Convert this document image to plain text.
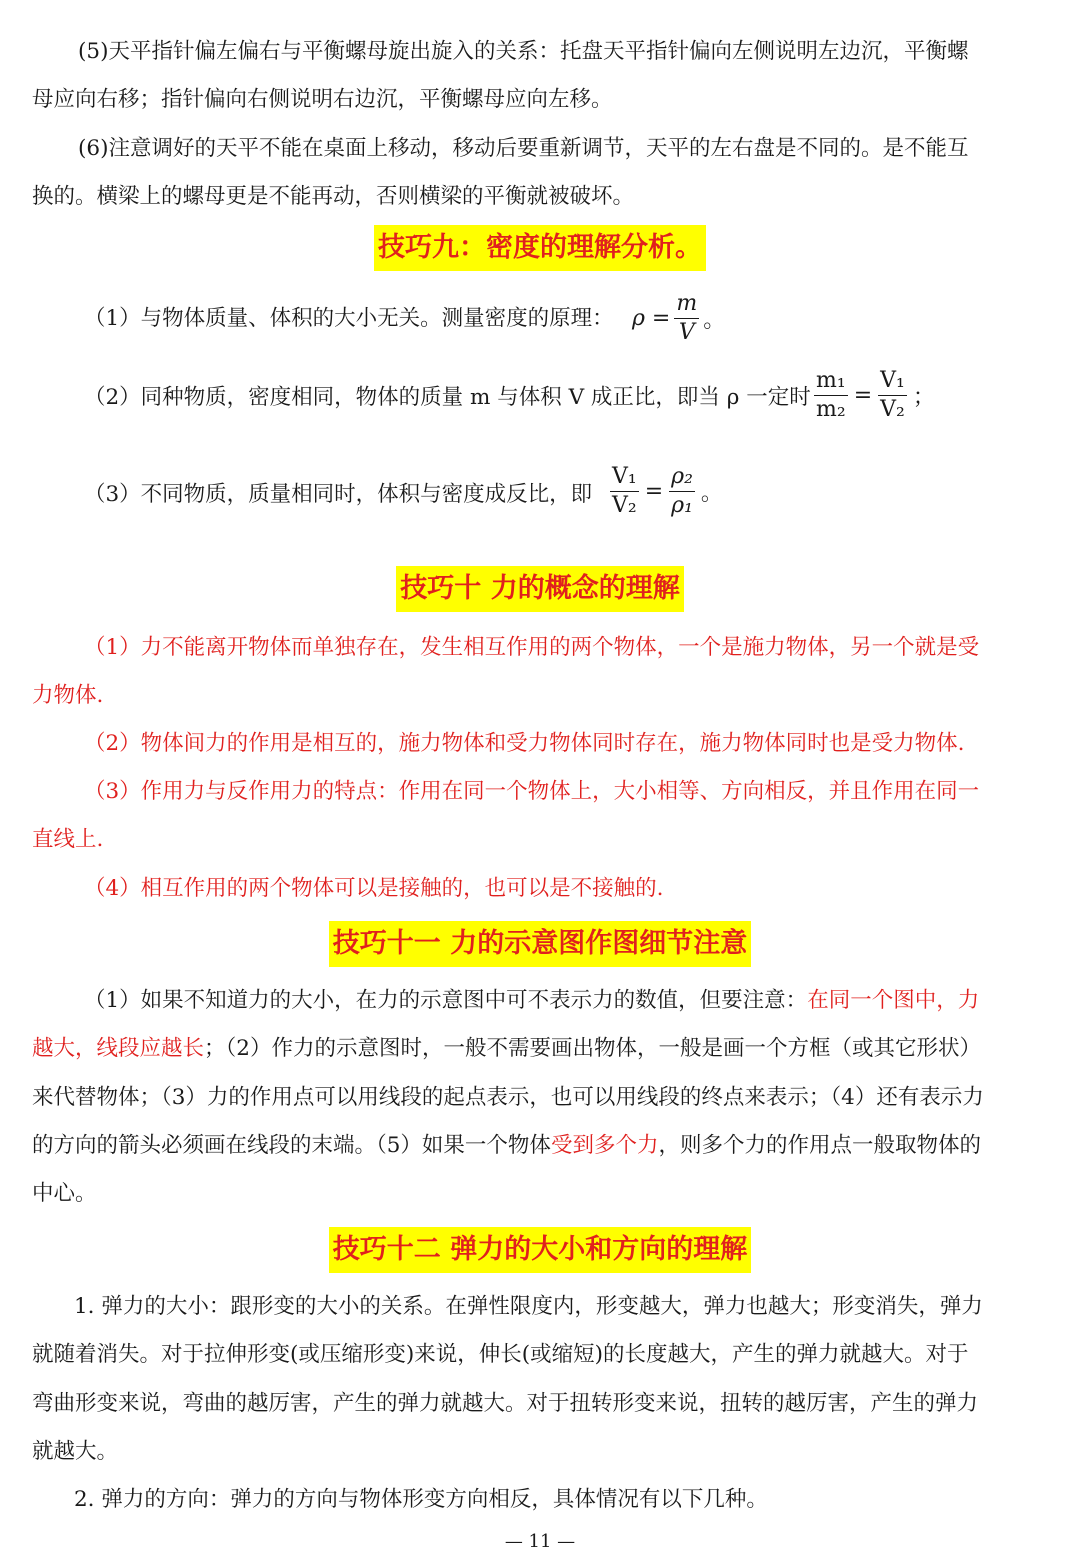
(5)天平指针偏左偏右与平衡螺母旋出旋入的关系：托盘天平指针偏向左侧说明左边沉，平衡螺
母应向右移；指针偏向右侧说明右边沉，平衡螺母应向左移。
(6)注意调好的天平不能在桌面上移动，移动后要重新调节，天平的左右盘是不同的。是不能互
换的。横梁上的螺母更是不能再动，否则横梁的平衡就被破坏。
技巧九：密度的理解分析。
（1）与物体质量、体积的大小无关。测量密度的原理： $\rho = \frac{m}{V}$ 。
（2）同种物质，密度相同，物体的质量 m 与体积 V 成正比，即当 ρ 一定时 $\frac{\text{m₁}}{\text{m₂}} = \frac{\text{V₁}}{\text{V₂}}$ ；
（3）不同物质，质量相同时，体积与密度成反比，即 $\frac{\text{V₁}}{\text{V₂}} = \frac{\text{ρ₂}}{\text{ρ₁}}$ 。
技巧十 力的概念的理解
（1）力不能离开物体而单独存在，发生相互作用的两个物体，一个是施力物体，另一个就是受
力物体.
（2）物体间力的作用是相互的，施力物体和受力物体同时存在，施力物体同时也是受力物体.
（3）作用力与反作用力的特点：作用在同一个物体上，大小相等、方向相反，并且作用在同一
直线上.
（4）相互作用的两个物体可以是接触的，也可以是不接触的.
技巧十一 力的示意图作图细节注意
（1）如果不知道力的大小，在力的示意图中可不表示力的数值，但要注意：在同一个图中，力
越大，线段应越长；（2）作力的示意图时，一般不需要画出物体，一般是画一个方框（或其它形状）
来代替物体；（3）力的作用点可以用线段的起点表示，也可以用线段的终点来表示；（4）还有表示力
的方向的箭头必须画在线段的末端。（5）如果一个物体受到多个力，则多个力的作用点一般取物体的
中心。
技巧十二 弹力的大小和方向的理解
1. 弹力的大小：跟形变的大小的关系。在弹性限度内，形变越大，弹力也越大；形变消失，弹力
就随着消失。对于拉伸形变(或压缩形变)来说，伸长(或缩短)的长度越大，产生的弹力就越大。对于
弯曲形变来说，弯曲的越厉害，产生的弹力就越大。对于扭转形变来说，扭转的越厉害，产生的弹力
就越大。
2. 弹力的方向：弹力的方向与物体形变方向相反，具体情况有以下几种。
— 11 —
